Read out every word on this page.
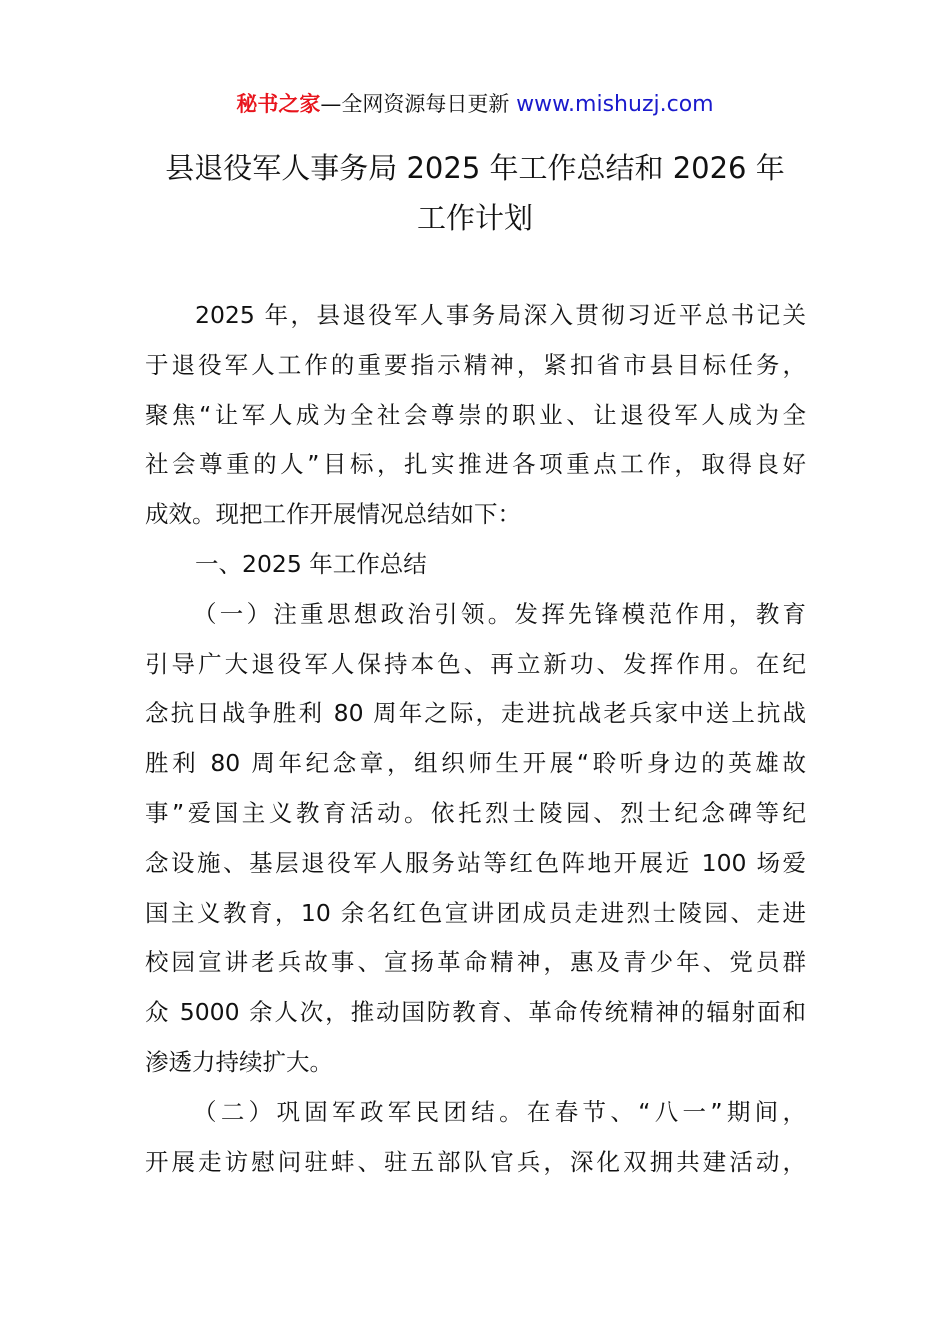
秘书之家—全网资源每日更新 www.mishuzj.com
县退役军人事务局 2025 年工作总结和 2026 年
工作计划
2025 年，县退役军人事务局深入贯彻习近平总书记关
于退役军人工作的重要指示精神，紧扣省市县目标任务，
聚焦“让军人成为全社会尊崇的职业、让退役军人成为全
社会尊重的人”目标，扎实推进各项重点工作，取得良好
成效。现把工作开展情况总结如下：
一、2025 年工作总结
（一）注重思想政治引领。发挥先锋模范作用，教育
引导广大退役军人保持本色、再立新功、发挥作用。在纪
念抗日战争胜利 80 周年之际，走进抗战老兵家中送上抗战
胜利 80 周年纪念章，组织师生开展“聆听身边的英雄故
事”爱国主义教育活动。依托烈士陵园、烈士纪念碑等纪
念设施、基层退役军人服务站等红色阵地开展近 100 场爱
国主义教育，10 余名红色宣讲团成员走进烈士陵园、走进
校园宣讲老兵故事、宣扬革命精神，惠及青少年、党员群
众 5000 余人次，推动国防教育、革命传统精神的辐射面和
渗透力持续扩大。
（二）巩固军政军民团结。在春节、“八一”期间，
开展走访慰问驻蚌、驻五部队官兵，深化双拥共建活动，
